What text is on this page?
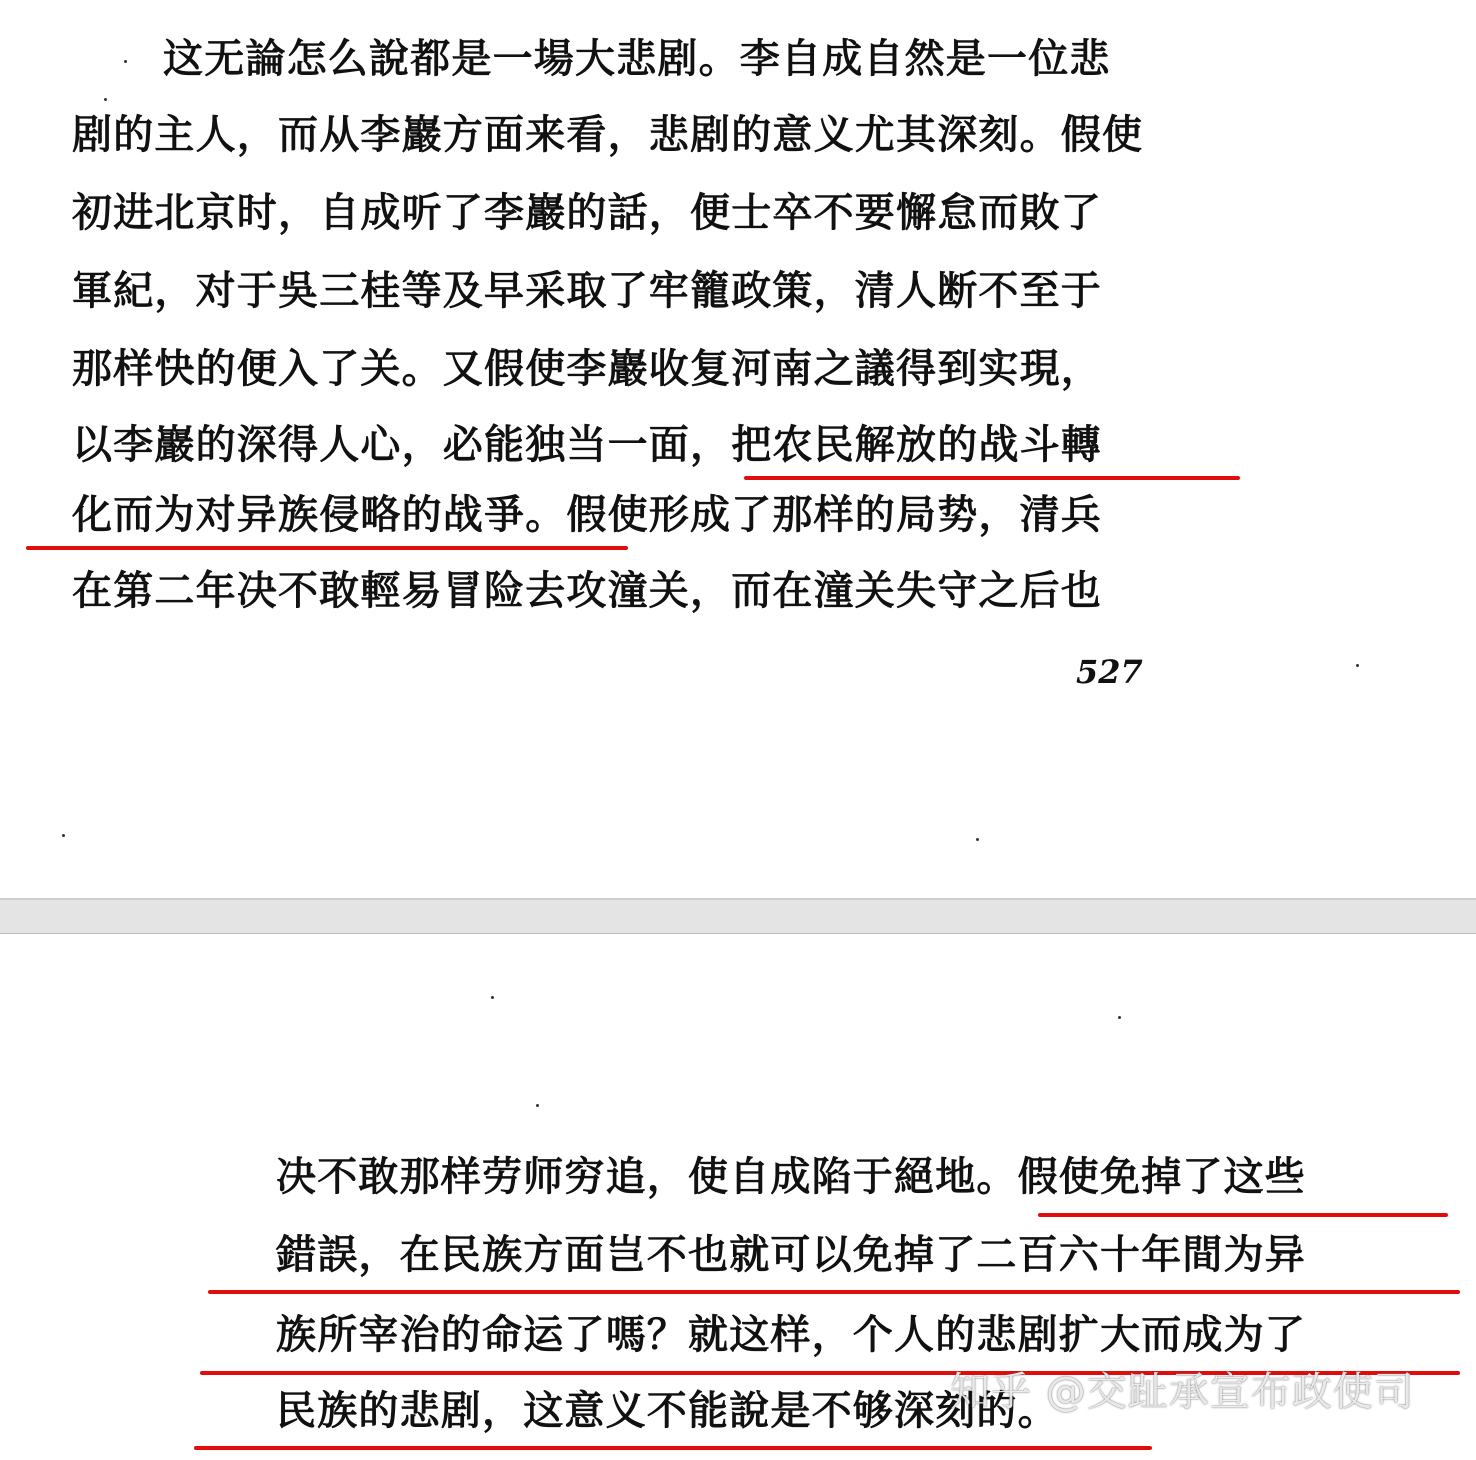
这无論怎么說都是一場大悲剧。李自成自然是一位悲
剧的主人，而从李巖方面来看，悲剧的意义尤其深刻。假使
初进北京时，自成听了李巖的話，便士卒不要懈怠而敗了
軍紀，对于吳三桂等及早采取了牢籠政策，清人断不至于
那样快的便入了关。又假使李巖收复河南之議得到实現，
以李巖的深得人心，必能独当一面，把农民解放的战斗轉
化而为对异族侵略的战爭。假使形成了那样的局势，清兵
在第二年决不敢輕易冒险去攻潼关，而在潼关失守之后也
527
决不敢那样劳师穷追，使自成陷于絕地。假使免掉了这些
錯誤，在民族方面岂不也就可以免掉了二百六十年間为异
族所宰治的命运了嗎？就这样，个人的悲剧扩大而成为了
民族的悲剧，这意义不能說是不够深刻的。
知乎 @交趾承宣布政使司
